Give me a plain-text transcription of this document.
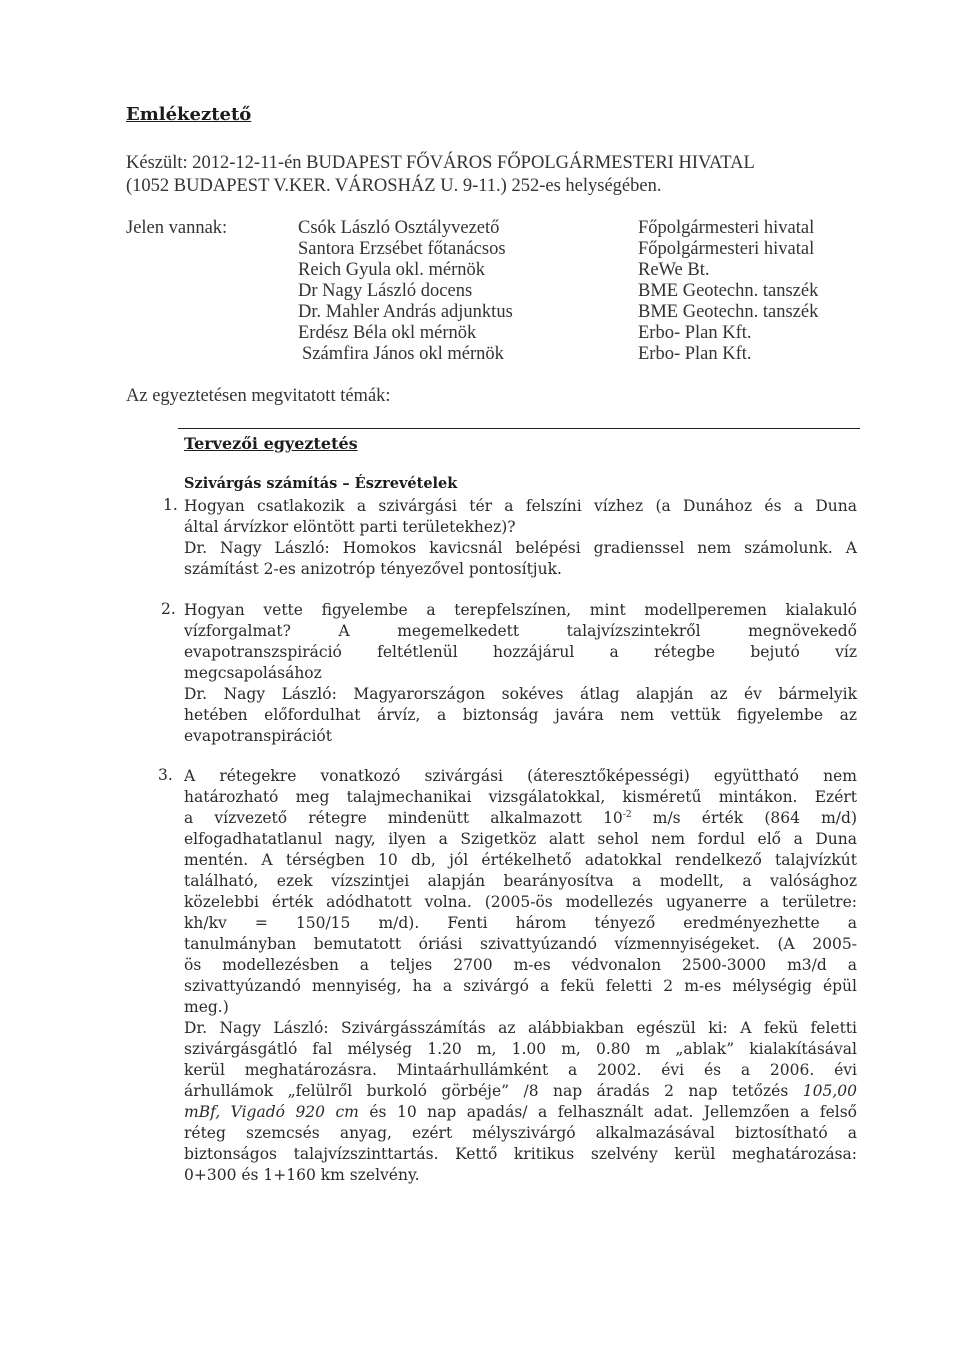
Emlékeztető
Készült: 2012-12-11-én BUDAPEST FŐVÁROS FŐPOLGÁRMESTERI HIVATAL
(1052 BUDAPEST V.KER. VÁROSHÁZ U. 9-11.) 252-es helységében.
Jelen vannak:	Csók László Osztályvezető	Főpolgármesteri hivatal
Santora Erzsébet főtanácsos	Főpolgármesteri hivatal
Reich Gyula okl. mérnök	ReWe Bt.
Dr Nagy László docens	BME Geotechn. tanszék
Dr. Mahler András adjunktus	BME Geotechn. tanszék
Erdész Béla okl mérnök	Erbo- Plan Kft.
Számfira János okl mérnök	Erbo- Plan Kft.
Az egyeztetésen megvitatott témák:
Tervezői egyeztetés
Szivárgás számítás – Észrevételek
1. Hogyan csatlakozik a szivárgási tér a felszíni vízhez (a Dunához és a Duna
által árvízkor elöntött parti területekhez)?
Dr. Nagy László: Homokos kavicsnál belépési gradienssel nem számolunk. A
számítást 2-es anizotróp tényezővel pontosítjuk.
2. Hogyan vette figyelembe a terepfelszínen, mint modellperemen kialakuló
vízforgalmat? A megemelkedett talajvízszintekről megnövekedő
evapotranszspiráció feltétlenül hozzájárul a rétegbe bejutó víz
megcsapolásához
Dr. Nagy László: Magyarországon sokéves átlag alapján az év bármelyik
hetében előfordulhat árvíz, a biztonság javára nem vettük figyelembe az
evapotranspirációt
3. A rétegekre vonatkozó szivárgási (áteresztőképességi) együttható nem
határozható meg talajmechanikai vizsgálatokkal, kisméretű mintákon. Ezért
a vízvezető rétegre mindenütt alkalmazott $10^{-2}$ m/s érték (864 m/d)
elfogadhatatlanul nagy, ilyen a Szigetköz alatt sehol nem fordul elő a Duna
mentén. A térségben 10 db, jól értékelhető adatokkal rendelkező talajvízkút
található, ezek vízszintjei alapján bearányosítva a modellt, a valósághoz
közelebbi érték adódhatott volna. (2005-ös modellezés ugyanerre a területre:
kh/kv = 150/15 m/d). Fenti három tényező eredményezhette a
tanulmányban bemutatott óriási szivattyúzandó vízmennyiségeket. (A 2005-
ös modellezésben a teljes 2700 m-es védvonalon 2500-3000 m3/d a
szivattyúzandó mennyiség, ha a szivárgó a fekü feletti 2 m-es mélységig épül
meg.)
Dr. Nagy László: Szivárgásszámítás az alábbiakban egészül ki: A fekü feletti
szivárgásgátló fal mélység 1.20 m, 1.00 m, 0.80 m „ablak” kialakításával
kerül meghatározásra. Mintaárhullámként a 2002. évi és a 2006. évi
árhullámok „felülről burkoló görbéje” /8 nap áradás 2 nap tetőzés 105,00
mBf, Vigadó 920 cm és 10 nap apadás/ a felhasznált adat. Jellemzően a felső
réteg szemcsés anyag, ezért mélyszivárgó alkalmazásával biztosítható a
biztonságos talajvízszinttartás. Kettő kritikus szelvény kerül meghatározása:
0+300 és 1+160 km szelvény.
